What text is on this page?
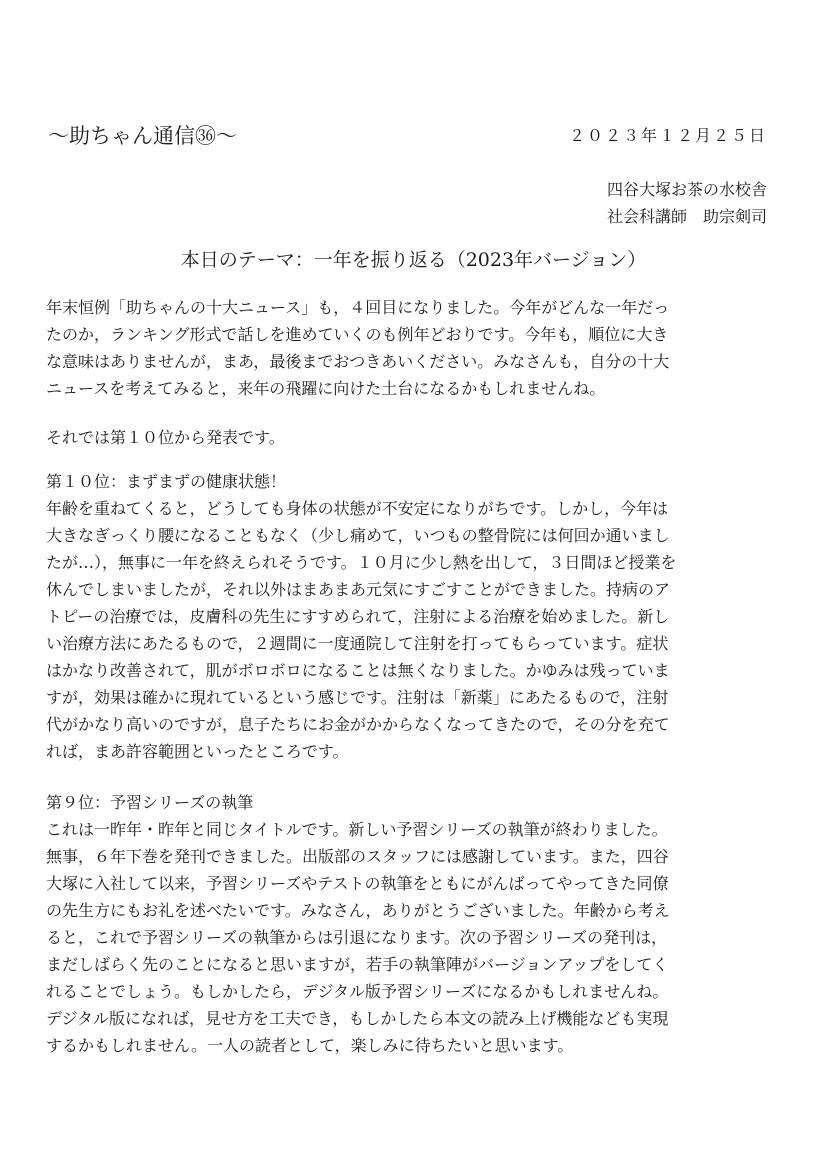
～助ちゃん通信㊱～	２０２３年１２月２５日
四谷大塚お茶の水校舎
社会科講師　助宗剣司
本日のテーマ：一年を振り返る（2023年バージョン）
年末恒例「助ちゃんの十大ニュース」も，４回目になりました。今年がどんな一年だっ
たのか，ランキング形式で話しを進めていくのも例年どおりです。今年も，順位に大き
な意味はありませんが，まあ，最後までおつきあいください。みなさんも，自分の十大
ニュースを考えてみると，来年の飛躍に向けた土台になるかもしれませんね。
それでは第１０位から発表です。
第１０位：まずまずの健康状態！
年齢を重ねてくると，どうしても身体の状態が不安定になりがちです。しかし，今年は
大きなぎっくり腰になることもなく（少し痛めて，いつもの整骨院には何回か通いまし
たが…），無事に一年を終えられそうです。１０月に少し熱を出して，３日間ほど授業を
休んでしまいましたが，それ以外はまあまあ元気にすごすことができました。持病のア
トピーの治療では，皮膚科の先生にすすめられて，注射による治療を始めました。新し
い治療方法にあたるもので，２週間に一度通院して注射を打ってもらっています。症状
はかなり改善されて，肌がボロボロになることは無くなりました。かゆみは残っていま
すが，効果は確かに現れているという感じです。注射は「新薬」にあたるもので，注射
代がかなり高いのですが，息子たちにお金がかからなくなってきたので，その分を充て
れば，まあ許容範囲といったところです。
第９位：予習シリーズの執筆
これは一昨年・昨年と同じタイトルです。新しい予習シリーズの執筆が終わりました。
無事，６年下巻を発刊できました。出版部のスタッフには感謝しています。また，四谷
大塚に入社して以来，予習シリーズやテストの執筆をともにがんばってやってきた同僚
の先生方にもお礼を述べたいです。みなさん，ありがとうございました。年齢から考え
ると，これで予習シリーズの執筆からは引退になります。次の予習シリーズの発刊は，
まだしばらく先のことになると思いますが，若手の執筆陣がバージョンアップをしてく
れることでしょう。もしかしたら，デジタル版予習シリーズになるかもしれませんね。
デジタル版になれば，見せ方を工夫でき，もしかしたら本文の読み上げ機能なども実現
するかもしれません。一人の読者として，楽しみに待ちたいと思います。
